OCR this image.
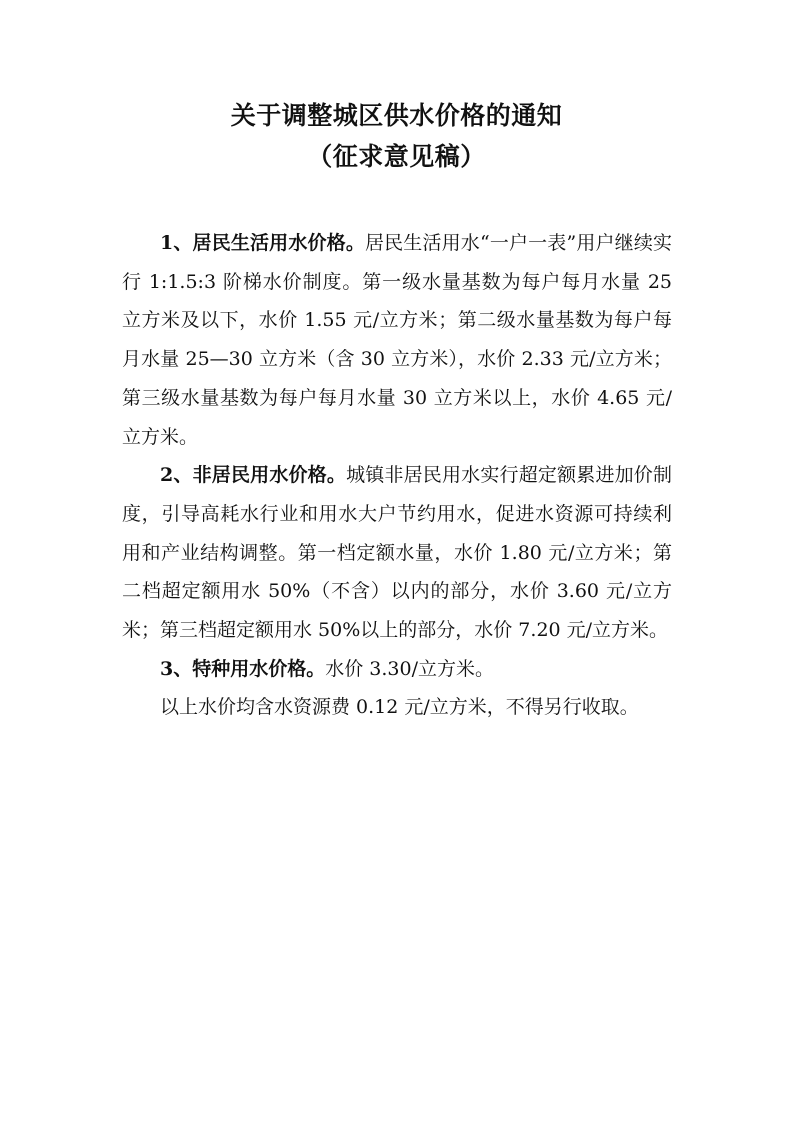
关于调整城区供水价格的通知
（征求意见稿）

1、居民生活用水价格。居民生活用水“一户一表”用户继续实行 1:1.5:3 阶梯水价制度。第一级水量基数为每户每月水量 25 立方米及以下，水价 1.55 元/立方米；第二级水量基数为每户每月水量 25—30 立方米（含 30 立方米），水价 2.33 元/立方米；第三级水量基数为每户每月水量 30 立方米以上，水价 4.65 元/立方米。

2、非居民用水价格。城镇非居民用水实行超定额累进加价制度，引导高耗水行业和用水大户节约用水，促进水资源可持续利用和产业结构调整。第一档定额水量，水价 1.80 元/立方米；第二档超定额用水 50%（不含）以内的部分，水价 3.60 元/立方米；第三档超定额用水 50%以上的部分，水价 7.20 元/立方米。

3、特种用水价格。水价 3.30/立方米。

以上水价均含水资源费 0.12 元/立方米，不得另行收取。
